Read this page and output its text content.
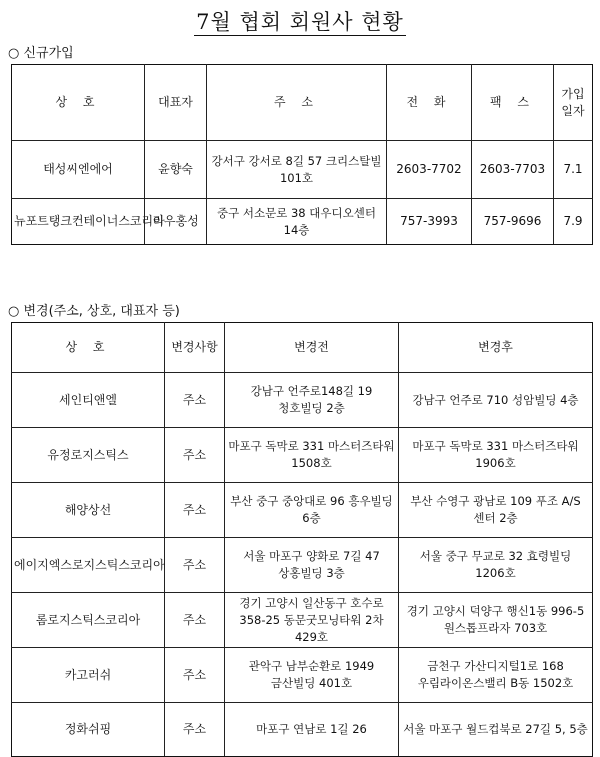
7월 협회 회원사 현황
○ 신규가입
상 호	대표자	주 소	전 화	팩 스	가입
일자

태성씨엔에어	윤향숙	강서구 강서로 8길 57 크리스탈빌 101호	2603-7702	2603-7703	7.1
뉴포트탱크컨테이너스코리아	리우홍성	중구 서소문로 38 대우디오센터 14층	757-3993	757-9696	7.9
○ 변경(주소, 상호, 대표자 등)
상 호	변경사항	변경전	변경후
세인티앤엘	주소	강남구 언주로148길 19 청호빌딩 2층	강남구 언주로 710 성암빌딩 4층
유정로지스틱스	주소	마포구 독막로 331 마스터즈타워 1508호	마포구 독막로 331 마스터즈타워 1906호
해양상선	주소	부산 중구 중앙대로 96 흥우빌딩 6층	부산 수영구 광남로 109 푸조 A/S 센터 2층
에이지엑스로지스틱스코리아	주소	서울 마포구 양화로 7길 47 상홍빌딩 3층	서울 중구 무교로 32 효령빌딩 1206호
롬로지스틱스코리아	주소	경기 고양시 일산동구 호수로 358-25 동문굿모닝타워 2차 429호	경기 고양시 덕양구 행신1동 996-5 원스톱프라자 703호
카고러쉬	주소	관악구 남부순환로 1949 금산빌딩 401호	금천구 가산디지털1로 168 우림라이온스밸리 B동 1502호
정화쉬핑	주소	마포구 연남로 1길 26	서울 마포구 월드컵북로 27길 5, 5층
